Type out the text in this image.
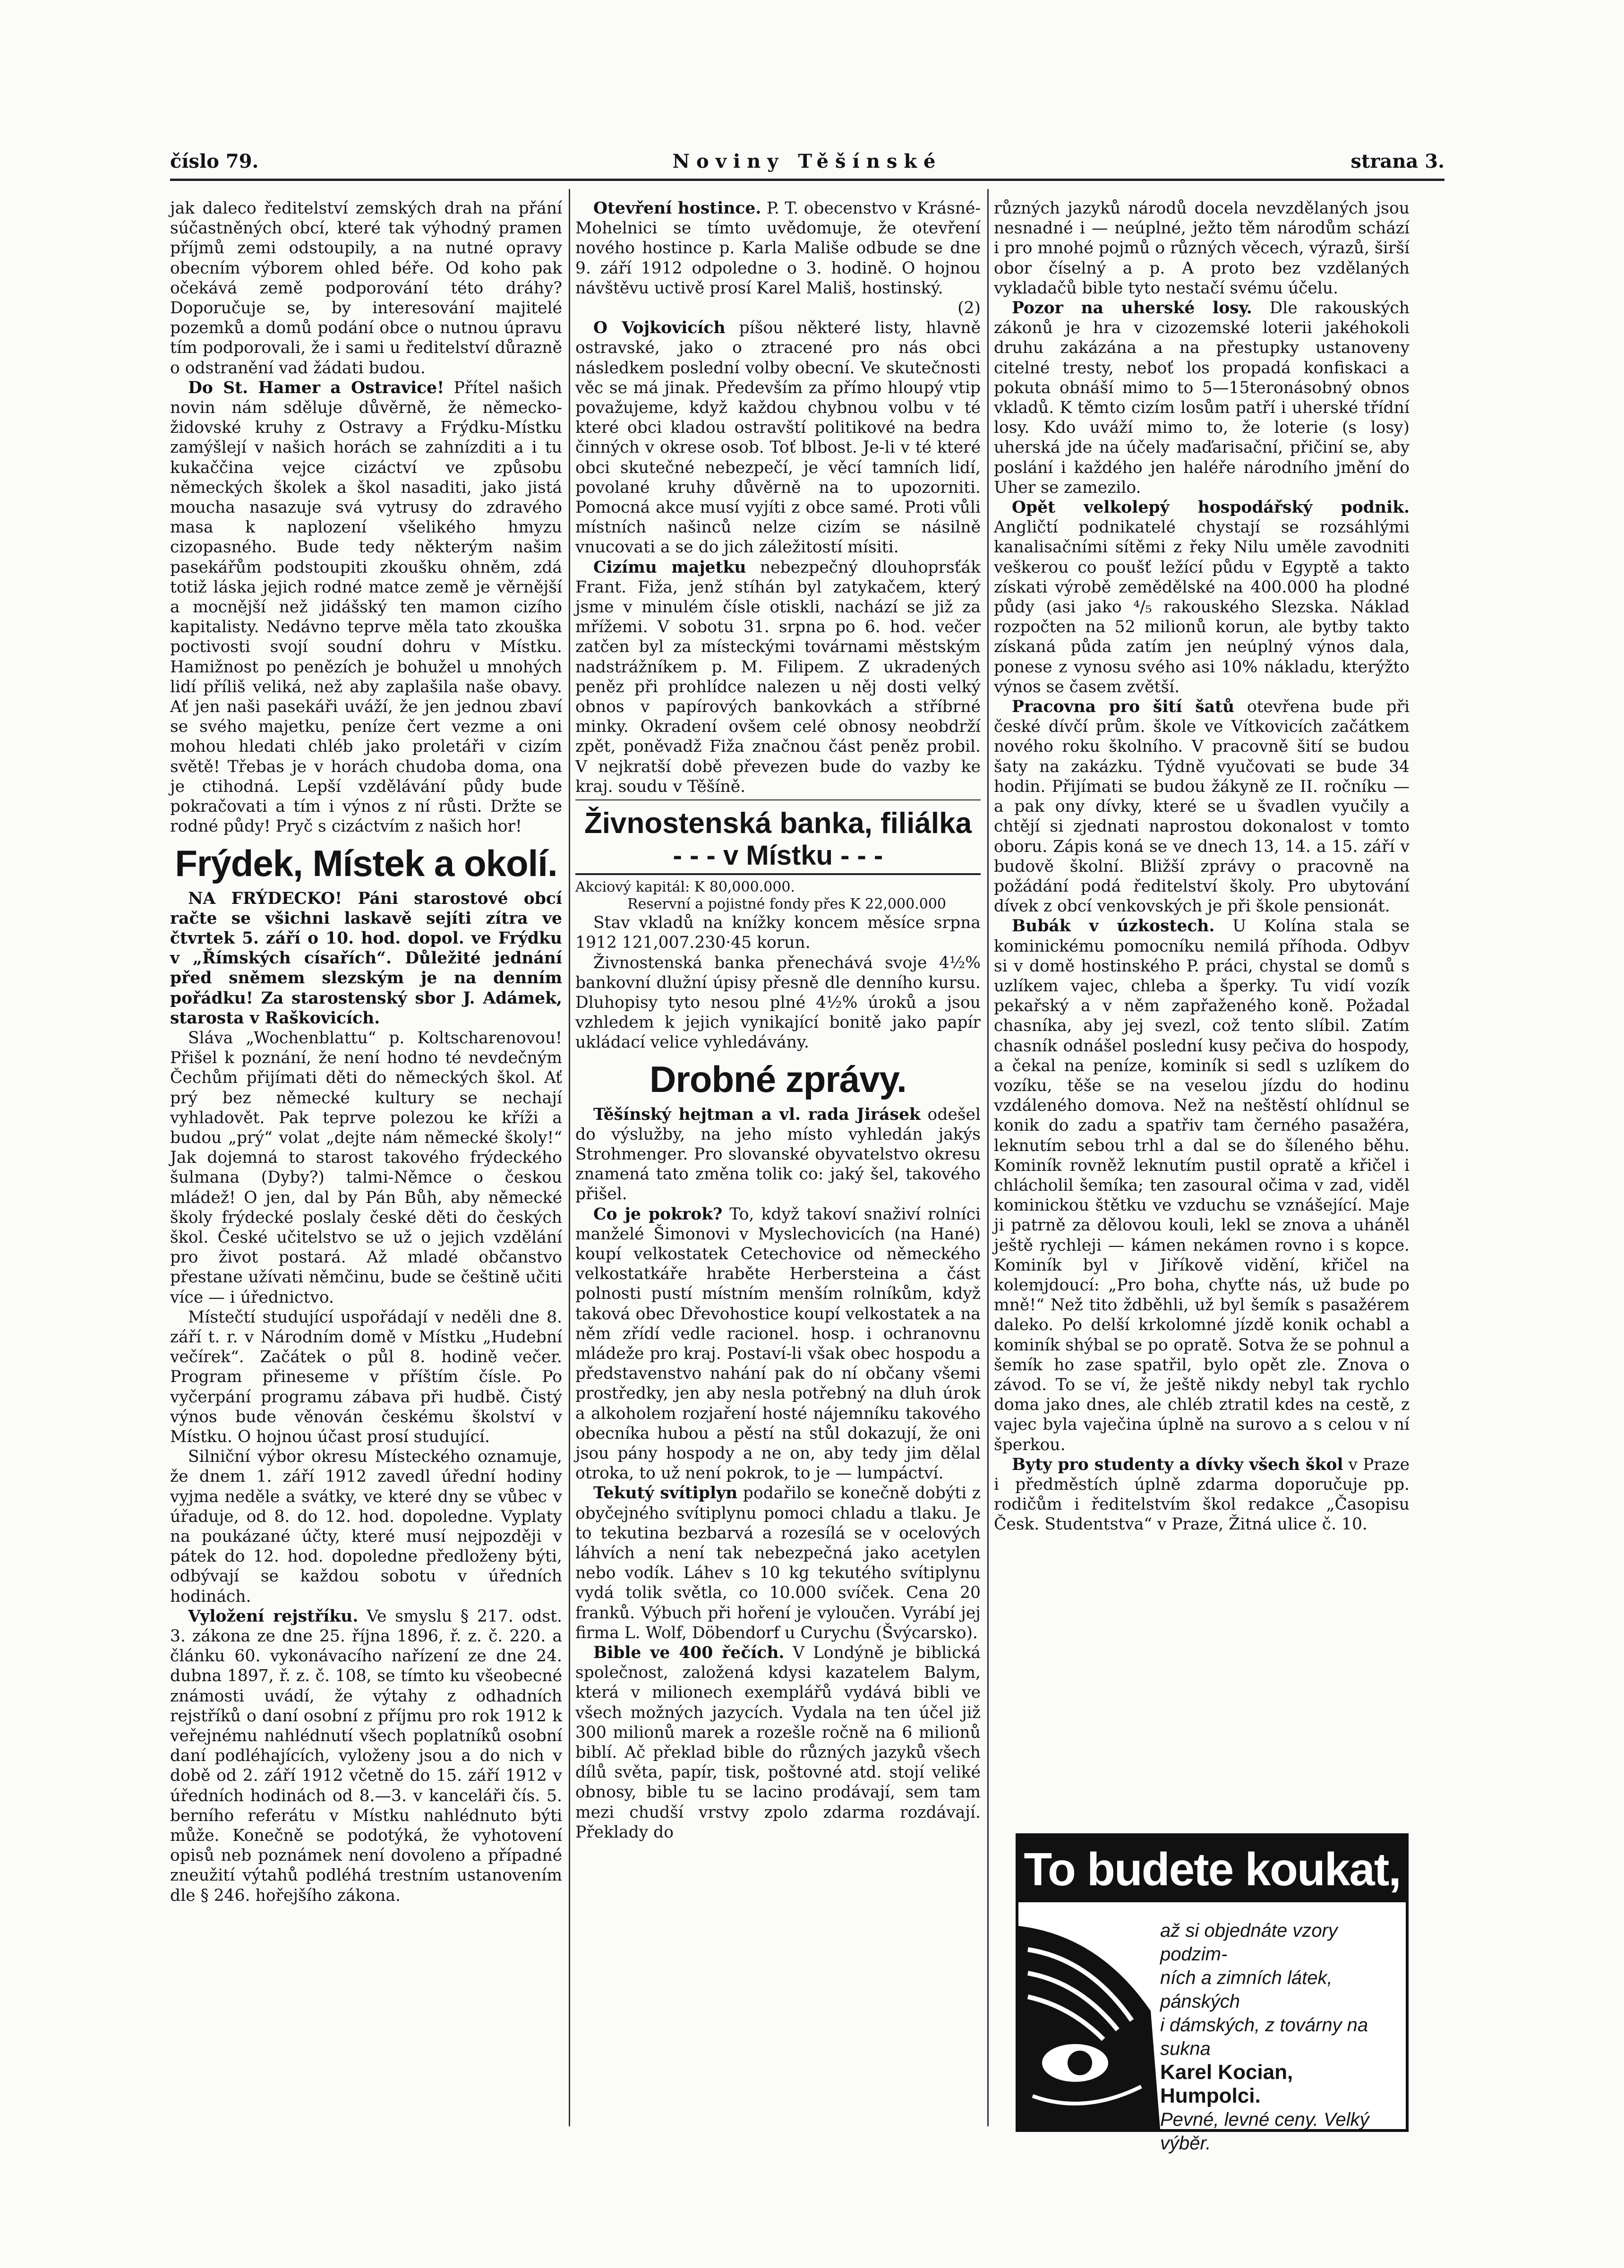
číslo 79.	Noviny Těšínské	strana 3.

jak daleco ředitelství zemských drah na přání súčastněných obcí, které tak výhodný pramen příjmů zemi odstoupily, a na nutné opravy obecním výborem ohled béře. Od koho pak očekává země podporování této dráhy? Doporučuje se, by interesování majitelé pozemků a domů podání obce o nutnou úpravu tím podporovali, že i sami u ředitelství důrazně o odstranění vad žádati budou.

Do St. Hamer a Ostravice! Přítel našich novin nám sděluje důvěrně, že německo-židovské kruhy z Ostravy a Frýdku-Místku zamýšlejí v našich horách se zahnízditi a i tu kukaččina vejce cizáctví ve způsobu německých školek a škol nasaditi, jako jistá moucha nasazuje svá vytrusy do zdravého masa k naplození všelikého hmyzu cizopasného. Bude tedy některým našim pasekářům podstoupiti zkoušku ohněm, zdá totiž láska jejich rodné matce země je věrnější a mocnější než jidášský ten mamon cizího kapitalisty. Nedávno teprve měla tato zkouška poctivosti svojí soudní dohru v Místku. Hamižnost po penězích je bohužel u mnohých lidí příliš veliká, než aby zaplašila naše obavy. Ať jen naši pasekáři uváží, že jen jednou zbaví se svého majetku, peníze čert vezme a oni mohou hledati chléb jako proletáři v cizím světě! Třebas je v horách chudoba doma, ona je ctihodná. Lepší vzdělávání půdy bude pokračovati a tím i výnos z ní růsti. Držte se rodné půdy! Pryč s cizáctvím z našich hor!

Frýdek, Místek a okolí.

NA FRÝDECKO! Páni starostové obcí račte se všichni laskavě sejíti zítra ve čtvrtek 5. září o 10. hod. dopol. ve Frýdku v „Římských císařích“. Důležité jednání před sněmem slezským je na denním pořádku! Za starostenský sbor J. Adámek, starosta v Raškovicích.

Sláva „Wochenblattu“ p. Koltscharenovou! Přišel k poznání, že není hodno té nevdečným Čechům přijímati děti do německých škol. Ať prý bez německé kultury se nechají vyhladovět. Pak teprve polezou ke kříži a budou „prý“ volat „dejte nám německé školy!“ Jak dojemná to starost takového frýdeckého šulmana (Dyby?) talmi-Němce o českou mládež! O jen, dal by Pán Bůh, aby německé školy frýdecké poslaly české děti do českých škol. České učitelstvo se už o jejich vzdělání pro život postará. Až mladé občanstvo přestane užívati němčinu, bude se češtině učiti více — i úřednictvo.

Místečtí studující uspořádají v neděli dne 8. září t. r. v Národním domě v Místku „Hudební večírek“. Začátek o půl 8. hodině večer. Program přineseme v příštím čísle. Po vyčerpání programu zábava při hudbě. Čistý výnos bude věnován českému školství v Místku. O hojnou účast prosí studující.

Silniční výbor okresu Místeckého oznamuje, že dnem 1. září 1912 zavedl úřední hodiny vyjma neděle a svátky, ve které dny se vůbec v úřaduje, od 8. do 12. hod. dopoledne. Vyplaty na poukázané účty, které musí nejpozději v pátek do 12. hod. dopoledne předloženy býti, odbývají se každou sobotu v úředních hodinách.

Vyložení rejstříku. Ve smyslu § 217. odst. 3. zákona ze dne 25. října 1896, ř. z. č. 220. a článku 60. vykonávacího nařízení ze dne 24. dubna 1897, ř. z. č. 108, se tímto ku všeobecné známosti uvádí, že výtahy z odhadních rejstříků o daní osobní z příjmu pro rok 1912 k veřejnému nahlédnutí všech poplatníků osobní daní podléhajících, vyloženy jsou a do nich v době od 2. září 1912 včetně do 15. září 1912 v úředních hodinách od 8.—3. v kanceláři čís. 5. berního referátu v Místku nahlédnuto býti může. Konečně se podotýká, že vyhotovení opisů neb poznámek není dovoleno a případné zneužití výtahů podléhá trestním ustanovením dle § 246. hořejšího zákona.

Otevření hostince. P. T. obecenstvo v Krásné-Mohelnici se tímto uvědomuje, že otevření nového hostince p. Karla Mališe odbude se dne 9. září 1912 odpoledne o 3. hodině. O hojnou návštěvu uctivě prosí Karel Mališ, hostinský.

(2)

O Vojkovicích píšou některé listy, hlavně ostravské, jako o ztracené pro nás obci následkem poslední volby obecní. Ve skutečnosti věc se má jinak. Především za přímo hloupý vtip považujeme, když každou chybnou volbu v té které obci kladou ostravští politikové na bedra činných v okrese osob. Toť blbost. Je-li v té které obci skutečné nebezpečí, je věcí tamních lidí, povolané kruhy důvěrně na to upozorniti. Pomocná akce musí vyjíti z obce samé. Proti vůli místních našinců nelze cizím se násilně vnucovati a se do jich záležitostí mísiti.

Cizímu majetku nebezpečný dlouhoprsťák Frant. Fiža, jenž stíhán byl zatykačem, který jsme v minulém čísle otiskli, nachází se již za mřížemi. V sobotu 31. srpna po 6. hod. večer zatčen byl za místeckými továrnami městským nadstrážníkem p. M. Filipem. Z ukradených peněz při prohlídce nalezen u něj dosti velký obnos v papírových bankovkách a stříbrné minky. Okradení ovšem celé obnosy neobdrží zpět, poněvadž Fiža značnou část peněz probil. V nejkratší době převezen bude do vazby ke kraj. soudu v Těšíně.

Živnostenská banka, filiálka
- - - v Místku - - -

Akciový kapitál: K 80,000.000.

Reservní a pojistné fondy přes K 22,000.000

Stav vkladů na knížky koncem měsíce srpna 1912 121,007.230·45 korun.

Živnostenská banka přenechává svoje 4½% bankovní dlužní úpisy přesně dle denního kursu. Dluhopisy tyto nesou plné 4½% úroků a jsou vzhledem k jejich vynikající bonitě jako papír ukládací velice vyhledávány.

Drobné zprávy.

Těšínský hejtman a vl. rada Jirásek odešel do výslužby, na jeho místo vyhledán jakýs Strohmenger. Pro slovanské obyvatelstvo okresu znamená tato změna tolik co: jaký šel, takového přišel.

Co je pokrok? To, když takoví snaživí rolníci manželé Šimonovi v Myslechovicích (na Hané) koupí velkostatek Cetechovice od německého velkostatkáře hraběte Herbersteina a část polnosti pustí místním menším rolníkům, když taková obec Dřevohostice koupí velkostatek a na něm zřídí vedle racionel. hosp. i ochranovnu mládeže pro kraj. Postaví-li však obec hospodu a představenstvo nahání pak do ní občany všemi prostředky, jen aby nesla potřebný na dluh úrok a alkoholem rozjaření hosté nájemníku takového obecníka hubou a pěstí na stůl dokazují, že oni jsou pány hospody a ne on, aby tedy jim dělal otroka, to už není pokrok, to je — lumpáctví.

Tekutý svítiplyn podařilo se konečně dobýti z obyčejného svítiplynu pomoci chladu a tlaku. Je to tekutina bezbarvá a rozesílá se v ocelových láhvích a není tak nebezpečná jako acetylen nebo vodík. Láhev s 10 kg tekutého svítiplynu vydá tolik světla, co 10.000 svíček. Cena 20 franků. Výbuch při hoření je vyloučen. Vyrábí jej firma L. Wolf, Döbendorf u Curychu (Švýcarsko).

Bible ve 400 řečích. V Londýně je biblická společnost, založená kdysi kazatelem Balym, která v milionech exemplářů vydává bibli ve všech možných jazycích. Vydala na ten účel již 300 milionů marek a rozešle ročně na 6 milionů biblí. Ač překlad bible do různých jazyků všech dílů světa, papír, tisk, poštovné atd. stojí veliké obnosy, bible tu se lacino prodávají, sem tam mezi chudší vrstvy zpolo zdarma rozdávají. Překlady do

různých jazyků národů docela nevzdělaných jsou nesnadné i — neúplné, ježto těm národům schází i pro mnohé pojmů o různých věcech, výrazů, širší obor číselný a p. A proto bez vzdělaných vykladačů bible tyto nestačí svému účelu.

Pozor na uherské losy. Dle rakouských zákonů je hra v cizozemské loterii jakéhokoli druhu zakázána a na přestupky ustanoveny citelné tresty, neboť los propadá konfiskaci a pokuta obnáší mimo to 5—15teronásobný obnos vkladů. K těmto cizím losům patří i uherské třídní losy. Kdo uváží mimo to, že loterie (s losy) uherská jde na účely maďarisační, přičiní se, aby poslání i každého jen haléře národního jmění do Uher se zamezilo.

Opět velkolepý hospodářský podnik. Angličtí podnikatelé chystají se rozsáhlými kanalisačními sítěmi z řeky Nilu uměle zavodniti veškerou co poušť ležící půdu v Egyptě a takto získati výrobě zemědělské na 400.000 ha plodné půdy (asi jako ⁴/₅ rakouského Slezska. Náklad rozpočten na 52 milionů korun, ale bytby takto získaná půda zatím jen neúplný výnos dala, ponese z vynosu svého asi 10% nákladu, kterýžto výnos se časem zvětší.

Pracovna pro šití šatů otevřena bude při české dívčí prům. škole ve Vítkovicích začátkem nového roku školního. V pracovně šití se budou šaty na zakázku. Týdně vyučovati se bude 34 hodin. Přijímati se budou žákyně ze II. ročníku — a pak ony dívky, které se u švadlen vyučily a chtějí si zjednati naprostou dokonalost v tomto oboru. Zápis koná se ve dnech 13, 14. a 15. září v budově školní. Bližší zprávy o pracovně na požádání podá ředitelství školy. Pro ubytování dívek z obcí venkovských je při škole pensionát.

Bubák v úzkostech. U Kolína stala se kominickému pomocníku nemilá příhoda. Odbyv si v domě hostinského P. práci, chystal se domů s uzlíkem vajec, chleba a šperky. Tu vidí vozík pekařský a v něm zapřaženého koně. Požadal chasníka, aby jej svezl, což tento slíbil. Zatím chasník odnášel poslední kusy pečiva do hospody, a čekal na peníze, kominík si sedl s uzlíkem do vozíku, těše se na veselou jízdu do hodinu vzdáleného domova. Než na neštěstí ohlídnul se konik do zadu a spatřiv tam černého pasažéra, leknutím sebou trhl a dal se do šíleného běhu. Kominík rovněž leknutím pustil opratě a křičel i chlácholil šemíka; ten zasoural očima v zad, viděl kominickou štětku ve vzduchu se vznášející. Maje ji patrně za dělovou kouli, lekl se znova a uháněl ještě rychleji — kámen nekámen rovno i s kopce. Kominík byl v Jiříkově vidění, křičel na kolemjdoucí: „Pro boha, chyťte nás, už bude po mně!“ Než tito ždběhli, už byl šemík s pasažérem daleko. Po delší krkolomné jízdě konik ochabl a kominík shýbal se po opratě. Sotva že se pohnul a šemík ho zase spatřil, bylo opět zle. Znova o závod. To se ví, že ještě nikdy nebyl tak rychlo doma jako dnes, ale chléb ztratil kdes na cestě, z vajec byla vaječina úplně na surovo a s celou v ní šperkou.

Byty pro studenty a dívky všech škol v Praze i předměstích úplně zdarma doporučuje pp. rodičům i ředitelstvím škol redakce „Časopisu Česk. Studentstva“ v Praze, Žitná ulice č. 10.

To budete koukat,
až si objednáte vzory podzim-
ních a zimních látek, pánských
i dámských, z továrny na sukna
Karel Kocian, Humpolci.
Pevné, levné ceny. Velký výběr.
